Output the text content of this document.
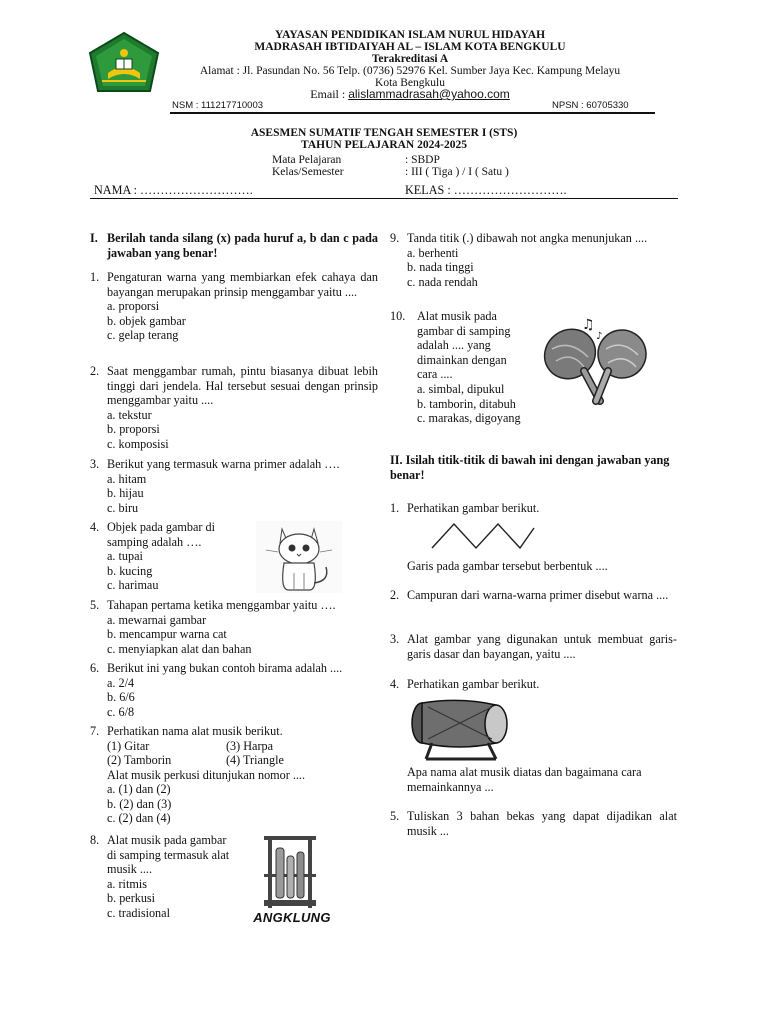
YAYASAN PENDIDIKAN ISLAM NURUL HIDAYAH
MADRASAH IBTIDAIYAH AL – ISLAM KOTA BENGKULU
Terakreditasi A
Alamat : Jl. Pasundan No. 56 Telp. (0736) 52976 Kel. Sumber Jaya Kec. Kampung Melayu
Kota Bengkulu
Email : alislammadrasah@yahoo.com
NSM : 111217710003	NPSN : 60705330
ASESMEN SUMATIF TENGAH SEMESTER I (STS)
TAHUN PELAJARAN 2024-2025
Mata Pelajaran	: SBDP
Kelas/Semester	: III ( Tiga ) / I ( Satu )
NAMA : ……………………….	KELAS : ……………………….
I. Berilah tanda silang (x) pada huruf a, b dan c pada jawaban yang benar!
1. Pengaturan warna yang membiarkan efek cahaya dan bayangan merupakan prinsip menggambar yaitu ....
a. proporsi
b. objek gambar
c. gelap terang
2. Saat menggambar rumah, pintu biasanya dibuat lebih tinggi dari jendela. Hal tersebut sesuai dengan prinsip menggambar yaitu ....
a. tekstur
b. proporsi
c. komposisi
3. Berikut yang termasuk warna primer adalah ….
a. hitam
b. hijau
c. biru
4. Objek pada gambar di samping adalah ….
a. tupai
b. kucing
c. harimau
5. Tahapan pertama ketika menggambar yaitu ….
a. mewarnai gambar
b. mencampur warna cat
c. menyiapkan alat dan bahan
6. Berikut ini yang bukan contoh birama adalah ....
a. 2/4
b. 6/6
c. 6/8
7. Perhatikan nama alat musik berikut.
(1) Gitar	(3) Harpa
(2) Tamborin	(4) Triangle
Alat musik perkusi ditunjukan nomor ....
a. (1) dan (2)
b. (2) dan (3)
c. (2) dan (4)
8. Alat musik pada gambar di samping termasuk alat musik ....
a. ritmis
b. perkusi
c. tradisional	ANGKLUNG
9. Tanda titik (.) dibawah not angka menunjukan ....
a. berhenti
b. nada tinggi
c. nada rendah
10. Alat musik pada gambar di samping adalah .... yang dimainkan dengan cara ....
a. simbal, dipukul
b. tamborin, ditabuh
c. marakas, digoyang
♫
♪
II. Isilah titik-titik di bawah ini dengan jawaban yang benar!
1. Perhatikan gambar berikut.
Garis pada gambar tersebut berbentuk ....
2. Campuran dari warna-warna primer disebut warna ....
3. Alat gambar yang digunakan untuk membuat garis-garis dasar dan bayangan, yaitu ....
4. Perhatikan gambar berikut.
Apa nama alat musik diatas dan bagaimana cara memainkannya ...
5. Tuliskan 3 bahan bekas yang dapat dijadikan alat musik ...
